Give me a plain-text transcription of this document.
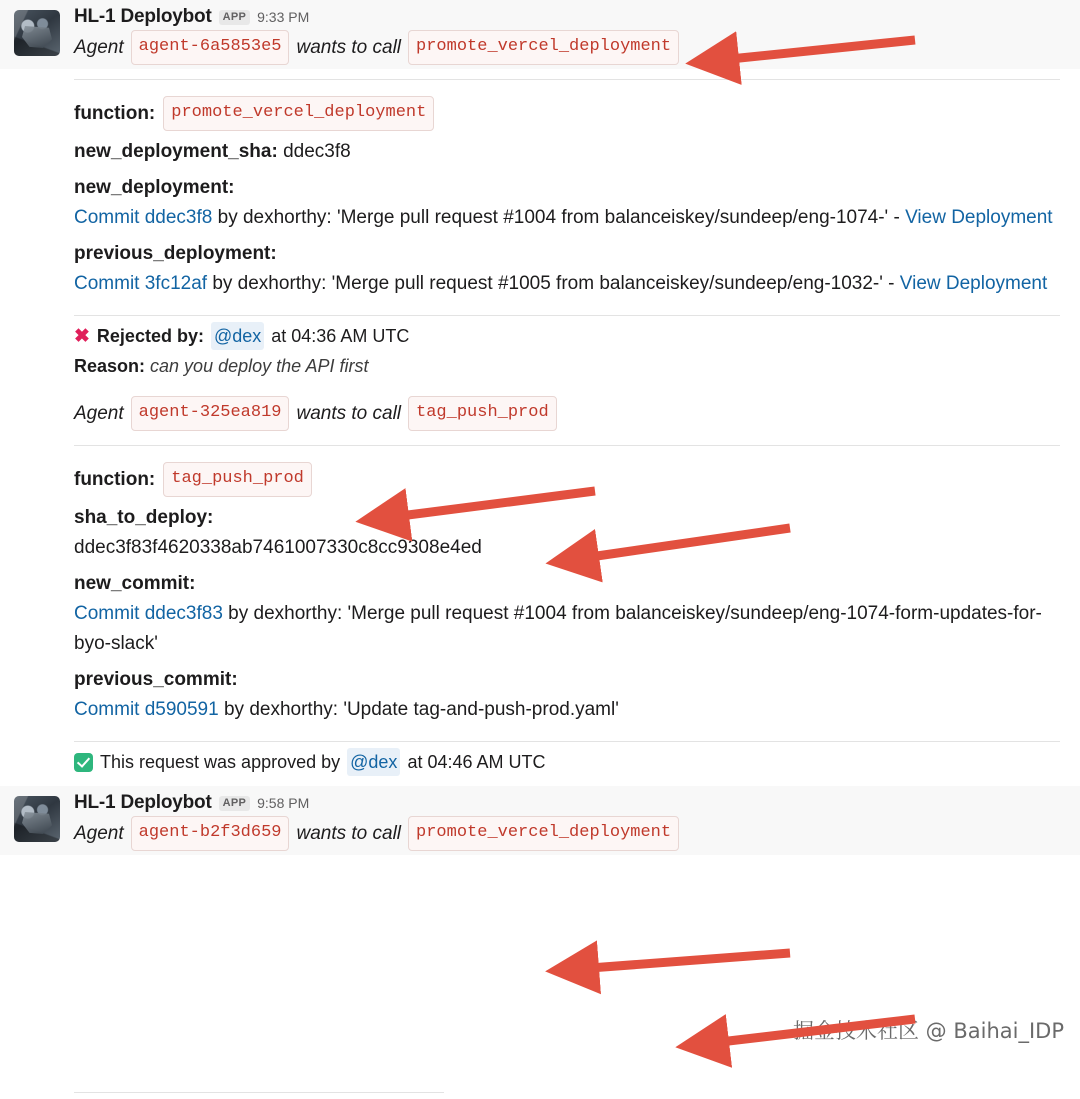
HL-1 Deploybot	APP 9:33 PM
Agent agent-6a5853e5 wants to call promote_vercel_deployment
function: promote_vercel_deployment
new_deployment_sha: ddec3f8
new_deployment:
Commit ddec3f8 by dexhorthy: 'Merge pull request #1004 from balanceiskey/sundeep/eng-1074-' - View Deployment
previous_deployment:
Commit 3fc12af by dexhorthy: 'Merge pull request #1005 from balanceiskey/sundeep/eng-1032-' - View Deployment
✖ Rejected by: @dex at 04:36 AM UTC
Reason: can you deploy the API first
Agent agent-325ea819 wants to call tag_push_prod
function: tag_push_prod
sha_to_deploy:
ddec3f83f4620338ab7461007330c8cc9308e4ed
new_commit:
Commit ddec3f83 by dexhorthy: 'Merge pull request #1004 from balanceiskey/sundeep/eng-1074-form-updates-for-byo-slack'
previous_commit:
Commit d590591 by dexhorthy: 'Update tag-and-push-prod.yaml'
This request was approved by @dex at 04:46 AM UTC
HL-1 Deploybot	APP 9:58 PM
Agent agent-b2f3d659 wants to call promote_vercel_deployment
掘金技术社区 @ Baihai_IDP
